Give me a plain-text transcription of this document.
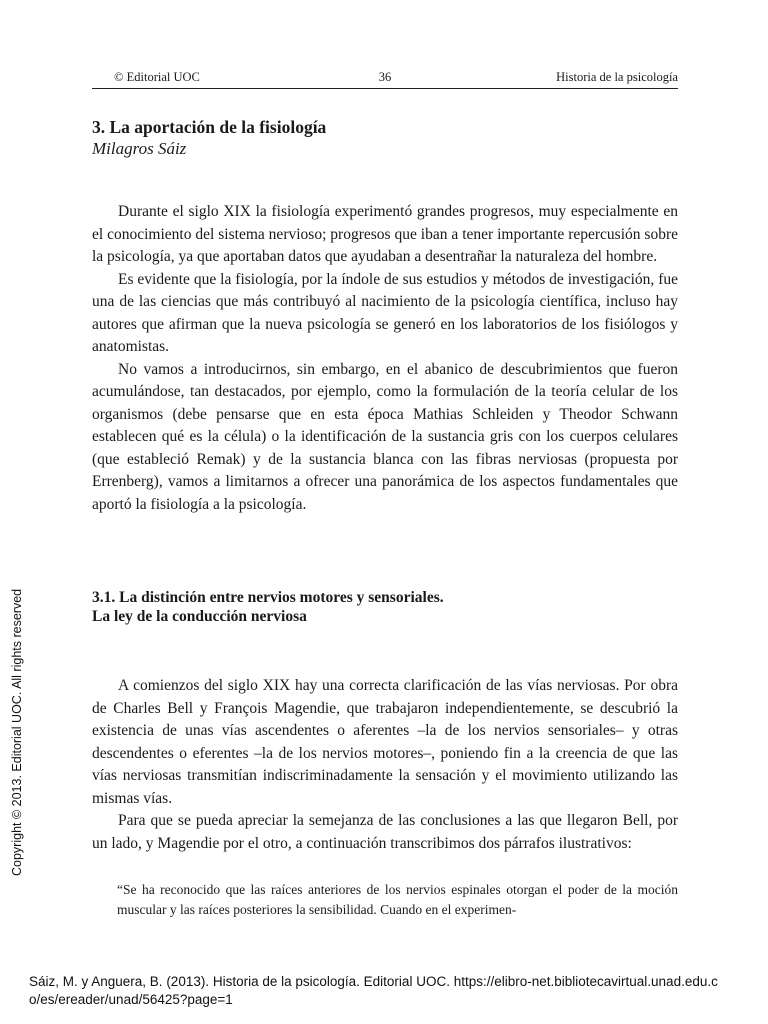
© Editorial UOC	36	Historia de la psicología
3. La aportación de la fisiología

Milagros Sáiz

Durante el siglo XIX la fisiología experimentó grandes progresos, muy especialmente en el conocimiento del sistema nervioso; progresos que iban a tener importante repercusión sobre la psicología, ya que aportaban datos que ayudaban a desentrañar la naturaleza del hombre.

Es evidente que la fisiología, por la índole de sus estudios y métodos de investigación, fue una de las ciencias que más contribuyó al nacimiento de la psicología científica, incluso hay autores que afirman que la nueva psicología se generó en los laboratorios de los fisiólogos y anatomistas.

No vamos a introducirnos, sin embargo, en el abanico de descubrimientos que fueron acumulándose, tan destacados, por ejemplo, como la formulación de la teoría celular de los organismos (debe pensarse que en esta época Mathias Schleiden y Theodor Schwann establecen qué es la célula) o la identificación de la sustancia gris con los cuerpos celulares (que estableció Remak) y de la sustancia blanca con las fibras nerviosas (propuesta por Errenberg), vamos a limitarnos a ofrecer una panorámica de los aspectos fundamentales que aportó la fisiología a la psicología.

3.1. La distinción entre nervios motores y sensoriales.
La ley de la conducción nerviosa

A comienzos del siglo XIX hay una correcta clarificación de las vías nerviosas. Por obra de Charles Bell y François Magendie, que trabajaron independientemente, se descubrió la existencia de unas vías ascendentes o aferentes –la de los nervios sensoriales– y otras descendentes o eferentes –la de los nervios motores–, poniendo fin a la creencia de que las vías nerviosas transmitían indiscriminadamente la sensación y el movimiento utilizando las mismas vías.

Para que se pueda apreciar la semejanza de las conclusiones a las que llegaron Bell, por un lado, y Magendie por el otro, a continuación transcribimos dos párrafos ilustrativos:

“Se ha reconocido que las raíces anteriores de los nervios espinales otorgan el poder de la moción muscular y las raíces posteriores la sensibilidad. Cuando en el experimen-

Copyright © 2013. Editorial UOC. All rights reserved

Sáiz, M. y Anguera, B. (2013). Historia de la psicología. Editorial UOC. https://elibro-net.bibliotecavirtual.unad.edu.co/es/ereader/unad/56425?page=1
